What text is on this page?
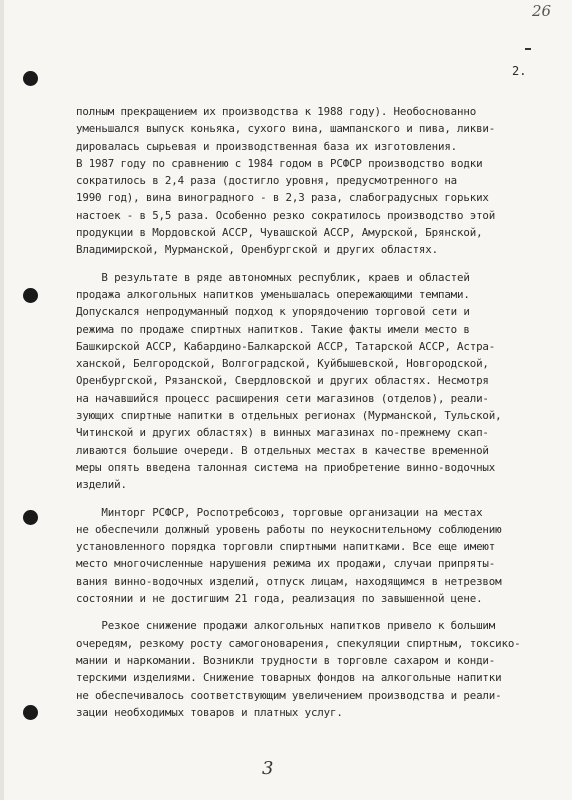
26
2.
полным прекращением их производства к 1988 году). Необоснованно
уменьшался выпуск коньяка, сухого вина, шампанского и пива, ликви-
дировалась сырьевая и производственная база их изготовления.
В 1987 году по сравнению с 1984 годом в РСФСР производство водки
сократилось в 2,4 раза (достигло уровня, предусмотренного на
1990 год), вина виноградного - в 2,3 раза, слабоградусных горьких
настоек - в 5,5 раза. Особенно резко сократилось производство этой
продукции в Мордовской АССР, Чувашской АССР, Амурской, Брянской,
Владимирской, Мурманской, Оренбургской и других областях.
В результате в ряде автономных республик, краев и областей
продажа алкогольных напитков уменьшалась опережающими темпами.
Допускался непродуманный подход к упорядочению торговой сети и
режима по продаже спиртных напитков. Такие факты имели место в
Башкирской АССР, Кабардино-Балкарской АССР, Татарской АССР, Астра-
ханской, Белгородской, Волгоградской, Куйбышевской, Новгородской,
Оренбургской, Рязанской, Свердловской и других областях. Несмотря
на начавшийся процесс расширения сети магазинов (отделов), реали-
зующих спиртные напитки в отдельных регионах (Мурманской, Тульской,
Читинской и других областях) в винных магазинах по-прежнему скап-
ливаются большие очереди. В отдельных местах в качестве временной
меры опять введена талонная система на приобретение винно-водочных
изделий.
Минторг РСФСР, Роспотребсоюз, торговые организации на местах
не обеспечили должный уровень работы по неукоснительному соблюдению
установленного порядка торговли спиртными напитками. Все еще имеют
место многочисленные нарушения режима их продажи, случаи припряты-
вания винно-водочных изделий, отпуск лицам, находящимся в нетрезвом
состоянии и не достигшим 21 года, реализация по завышенной цене.
Резкое снижение продажи алкогольных напитков привело к большим
очередям, резкому росту самогоноварения, спекуляции спиртным, токсико-
мании и наркомании. Возникли трудности в торговле сахаром и конди-
терскими изделиями. Снижение товарных фондов на алкогольные напитки
не обеспечивалось соответствующим увеличением производства и реали-
зации необходимых товаров и платных услуг.
3
